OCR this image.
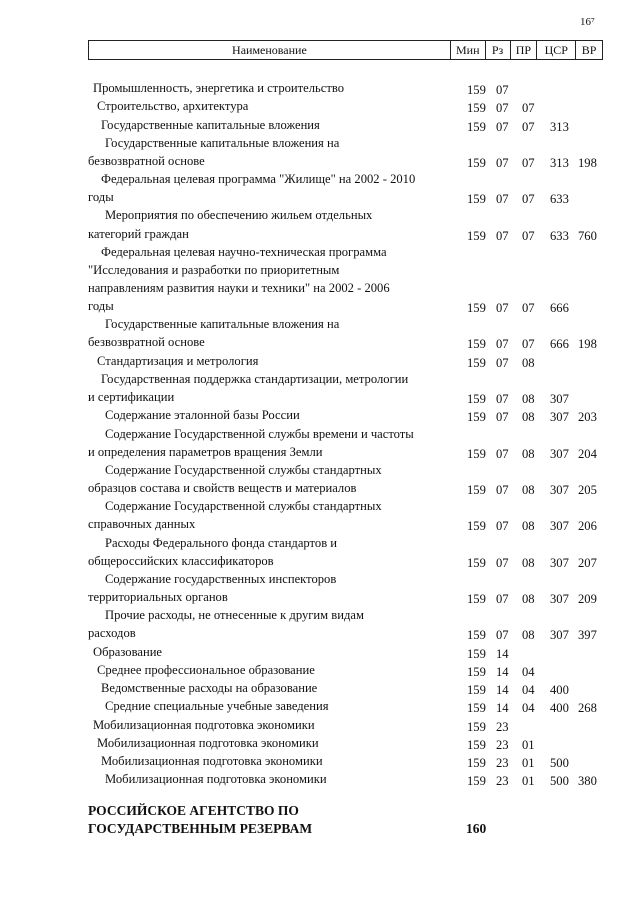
16⁷
Наименование	Мин	Рз	ПР	ЦСР	ВР
Промышленность, энергетика и строительство	159 07
Строительство, архитектура	159 07 07
Государственные капитальные вложения	159 07 07 313
Государственные капитальные вложения на
безвозвратной основе	159 07 07 313 198
Федеральная целевая программа "Жилище" на 2002 - 2010
годы	159 07 07 633
Мероприятия по обеспечению жильем отдельных
категорий граждан	159 07 07 633 760
Федеральная целевая научно-техническая программа
"Исследования и разработки по приоритетным
направлениям развития науки и техники" на 2002 - 2006
годы	159 07 07 666
Государственные капитальные вложения на
безвозвратной основе	159 07 07 666 198
Стандартизация и метрология	159 07 08
Государственная поддержка стандартизации, метрологии
и сертификации	159 07 08 307
Содержание эталонной базы России	159 07 08 307 203
Содержание Государственной службы времени и частоты
и определения параметров вращения Земли	159 07 08 307 204
Содержание Государственной службы стандартных
образцов состава и свойств веществ и материалов	159 07 08 307 205
Содержание Государственной службы стандартных
справочных данных	159 07 08 307 206
Расходы Федерального фонда стандартов и
общероссийских классификаторов	159 07 08 307 207
Содержание государственных инспекторов
территориальных органов	159 07 08 307 209
Прочие расходы, не отнесенные к другим видам
расходов	159 07 08 307 397
Образование	159 14
Среднее профессиональное образование	159 14 04
Ведомственные расходы на образование	159 14 04 400
Средние специальные учебные заведения	159 14 04 400 268
Мобилизационная подготовка экономики	159 23
Мобилизационная подготовка экономики	159 23 01
Мобилизационная подготовка экономики	159 23 01 500
Мобилизационная подготовка экономики	159 23 01 500 380
РОССИЙСКОЕ АГЕНТСТВО ПО
ГОСУДАРСТВЕННЫМ РЕЗЕРВАМ	160
